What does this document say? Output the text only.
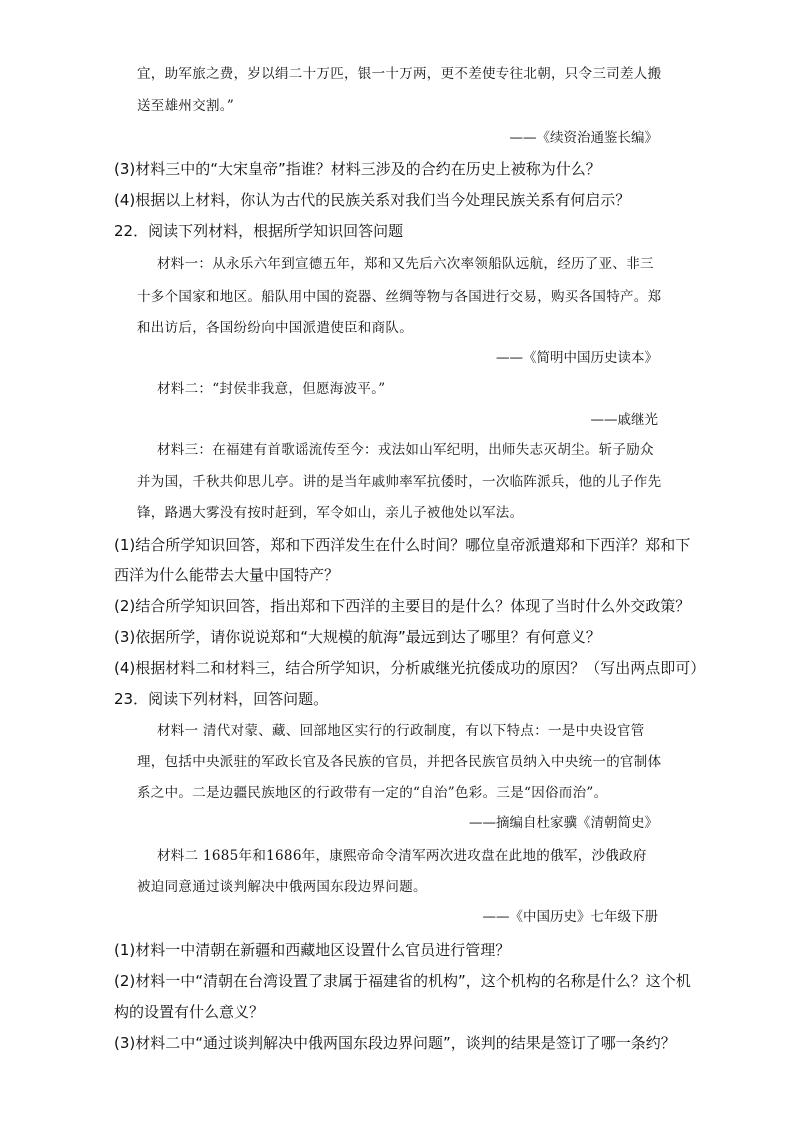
宜，助军旅之费，岁以绢二十万匹，银一十万两，更不差使专往北朝，只令三司差人搬
送至雄州交割。”
——《续资治通鉴长编》
(3)材料三中的“大宋皇帝”指谁？材料三涉及的合约在历史上被称为什么？
(4)根据以上材料，你认为古代的民族关系对我们当今处理民族关系有何启示？
22．阅读下列材料，根据所学知识回答问题
材料一：从永乐六年到宣德五年，郑和又先后六次率领船队远航，经历了亚、非三
十多个国家和地区。船队用中国的瓷器、丝绸等物与各国进行交易，购买各国特产。郑
和出访后，各国纷纷向中国派遣使臣和商队。
——《简明中国历史读本》
材料二：“封侯非我意，但愿海波平。”
——戚继光
材料三：在福建有首歌谣流传至今：戎法如山军纪明，出师失志灭胡尘。斩子励众
并为国，千秋共仰思儿亭。讲的是当年戚帅率军抗倭时，一次临阵派兵，他的儿子作先
锋，路遇大雾没有按时赶到，军令如山，亲儿子被他处以军法。
(1)结合所学知识回答，郑和下西洋发生在什么时间？哪位皇帝派遣郑和下西洋？郑和下
西洋为什么能带去大量中国特产？
(2)结合所学知识回答，指出郑和下西洋的主要目的是什么？体现了当时什么外交政策？
(3)依据所学，请你说说郑和“大规模的航海”最远到达了哪里？有何意义？
(4)根据材料二和材料三，结合所学知识，分析戚继光抗倭成功的原因？（写出两点即可）
23．阅读下列材料，回答问题。
材料一 清代对蒙、藏、回部地区实行的行政制度，有以下特点：一是中央设官管
理，包括中央派驻的军政长官及各民族的官员，并把各民族官员纳入中央统一的官制体
系之中。二是边疆民族地区的行政带有一定的“自治”色彩。三是“因俗而治”。
——摘编自杜家骥《清朝简史》
材料二 1685年和1686年，康熙帝命令清军两次进攻盘在此地的俄军，沙俄政府
被迫同意通过谈判解决中俄两国东段边界问题。
——《中国历史》七年级下册
(1)材料一中清朝在新疆和西藏地区设置什么官员进行管理？
(2)材料一中“清朝在台湾设置了隶属于福建省的机构”，这个机构的名称是什么？这个机
构的设置有什么意义？
(3)材料二中“通过谈判解决中俄两国东段边界问题”，谈判的结果是签订了哪一条约？
